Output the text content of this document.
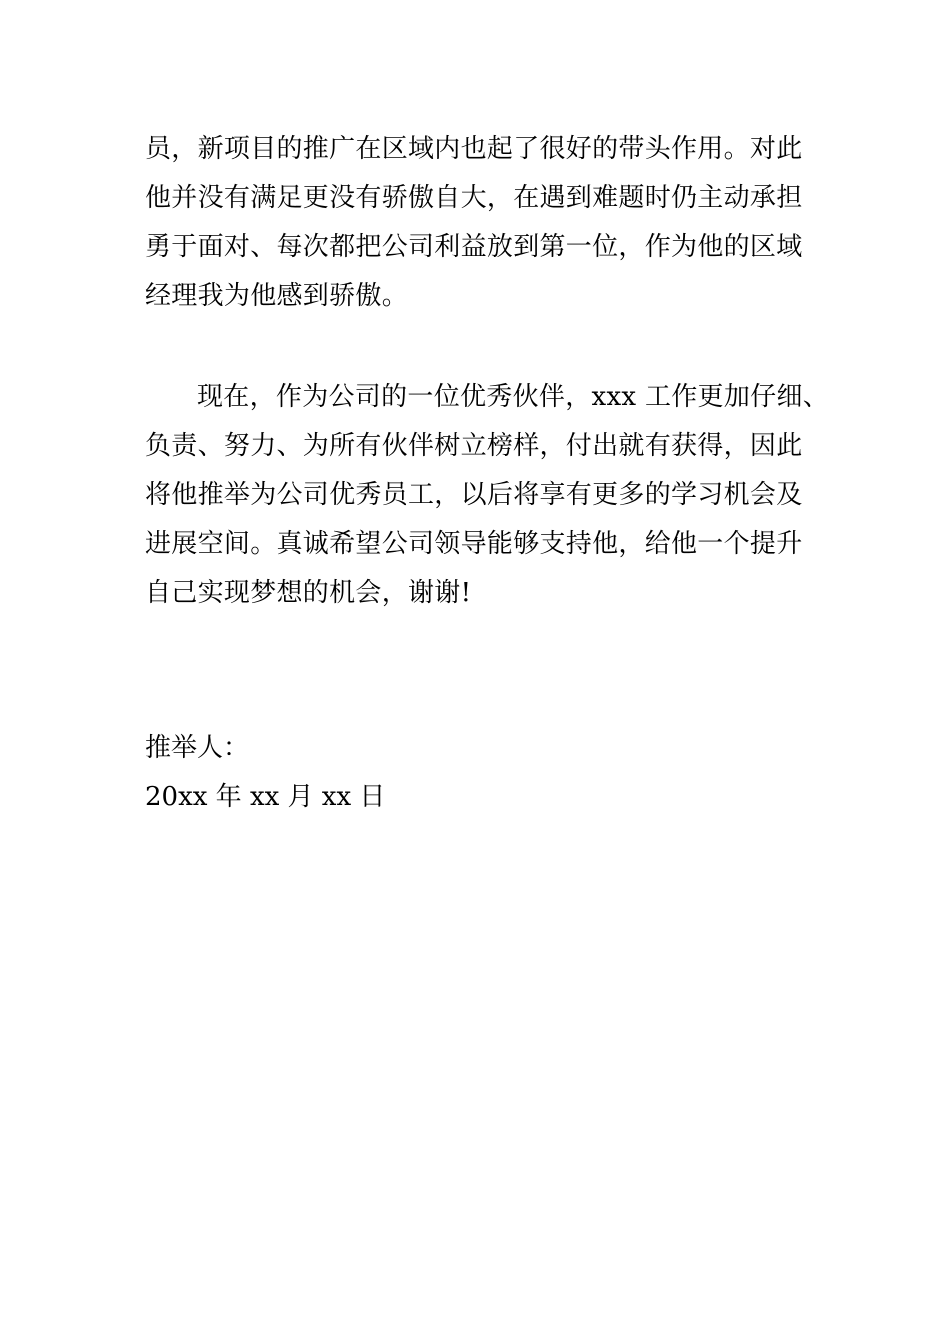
员，新项目的推广在区域内也起了很好的带头作用。对此
他并没有满足更没有骄傲自大，在遇到难题时仍主动承担
勇于面对、每次都把公司利益放到第一位，作为他的区域
经理我为他感到骄傲。
现在，作为公司的一位优秀伙伴，xxx 工作更加仔细、
负责、努力、为所有伙伴树立榜样，付出就有获得，因此
将他推举为公司优秀员工，以后将享有更多的学习机会及
进展空间。真诚希望公司领导能够支持他，给他一个提升
自己实现梦想的机会，谢谢!
推举人：
20xx 年 xx 月 xx 日
